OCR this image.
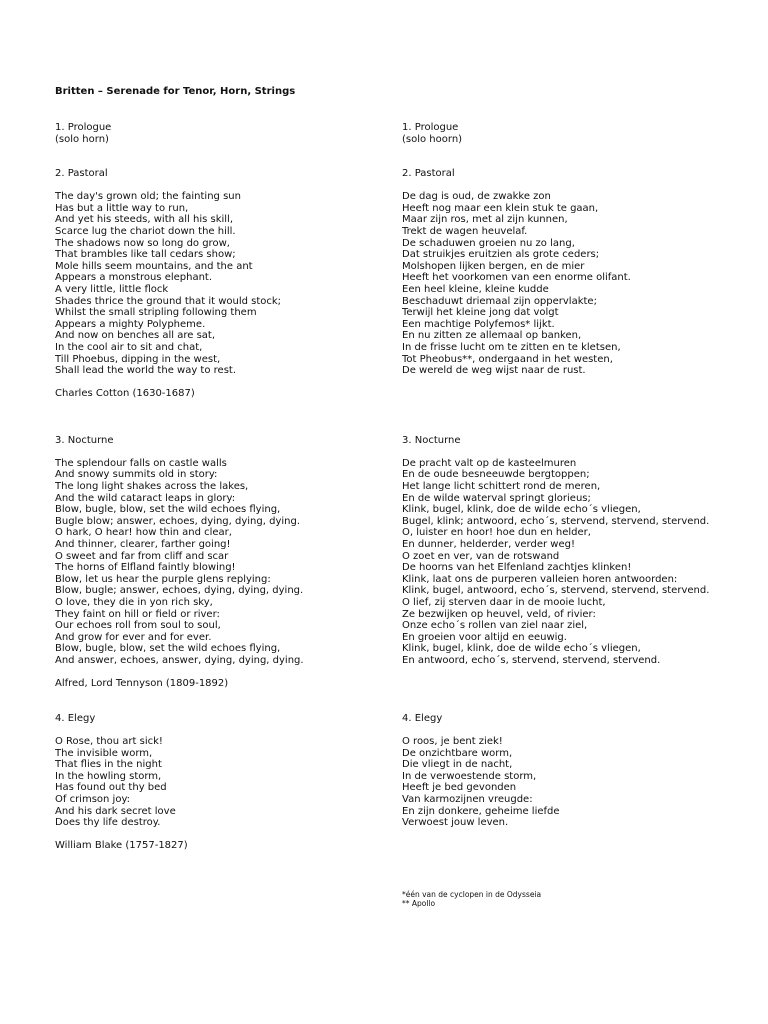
Britten – Serenade for Tenor, Horn, Strings
1. Prologue
(solo horn)
2. Pastoral
The day's grown old; the fainting sun
Has but a little way to run,
And yet his steeds, with all his skill,
Scarce lug the chariot down the hill.
The shadows now so long do grow,
That brambles like tall cedars show;
Mole hills seem mountains, and the ant
Appears a monstrous elephant.
A very little, little flock
Shades thrice the ground that it would stock;
Whilst the small stripling following them
Appears a mighty Polypheme.
And now on benches all are sat,
In the cool air to sit and chat,
Till Phoebus, dipping in the west,
Shall lead the world the way to rest.
Charles Cotton (1630-1687)
3. Nocturne
The splendour falls on castle walls
And snowy summits old in story:
The long light shakes across the lakes,
And the wild cataract leaps in glory:
Blow, bugle, blow, set the wild echoes flying,
Bugle blow; answer, echoes, dying, dying, dying.
O hark, O hear! how thin and clear,
And thinner, clearer, farther going!
O sweet and far from cliff and scar
The horns of Elfland faintly blowing!
Blow, let us hear the purple glens replying:
Blow, bugle; answer, echoes, dying, dying, dying.
O love, they die in yon rich sky,
They faint on hill or field or river:
Our echoes roll from soul to soul,
And grow for ever and for ever.
Blow, bugle, blow, set the wild echoes flying,
And answer, echoes, answer, dying, dying, dying.
Alfred, Lord Tennyson (1809-1892)
4. Elegy
O Rose, thou art sick!
The invisible worm,
That flies in the night
In the howling storm,
Has found out thy bed
Of crimson joy:
And his dark secret love
Does thy life destroy.
William Blake (1757-1827)
1. Prologue
(solo hoorn)
2. Pastoral
De dag is oud, de zwakke zon
Heeft nog maar een klein stuk te gaan,
Maar zijn ros, met al zijn kunnen,
Trekt de wagen heuvelaf.
De schaduwen groeien nu zo lang,
Dat struikjes eruitzien als grote ceders;
Molshopen lijken bergen, en de mier
Heeft het voorkomen van een enorme olifant.
Een heel kleine, kleine kudde
Beschaduwt driemaal zijn oppervlakte;
Terwijl het kleine jong dat volgt
Een machtige Polyfemos* lijkt.
En nu zitten ze allemaal op banken,
In de frisse lucht om te zitten en te kletsen,
Tot Pheobus**, ondergaand in het westen,
De wereld de weg wijst naar de rust.
3. Nocturne
De pracht valt op de kasteelmuren
En de oude besneeuwde bergtoppen;
Het lange licht schittert rond de meren,
En de wilde waterval springt glorieus;
Klink, bugel, klink, doe de wilde echo´s vliegen,
Bugel, klink; antwoord, echo´s, stervend, stervend, stervend.
O, luister en hoor! hoe dun en helder,
En dunner, helderder, verder weg!
O zoet en ver, van de rotswand
De hoorns van het Elfenland zachtjes klinken!
Klink, laat ons de purperen valleien horen antwoorden:
Klink, bugel, antwoord, echo´s, stervend, stervend, stervend.
O lief, zij sterven daar in de mooie lucht,
Ze bezwijken op heuvel, veld, of rivier:
Onze echo´s rollen van ziel naar ziel,
En groeien voor altijd en eeuwig.
Klink, bugel, klink, doe de wilde echo´s vliegen,
En antwoord, echo´s, stervend, stervend, stervend.
4. Elegy
O roos, je bent ziek!
De onzichtbare worm,
Die vliegt in de nacht,
In de verwoestende storm,
Heeft je bed gevonden
Van karmozijnen vreugde:
En zijn donkere, geheime liefde
Verwoest jouw leven.
*één van de cyclopen in de Odysseia
** Apollo
